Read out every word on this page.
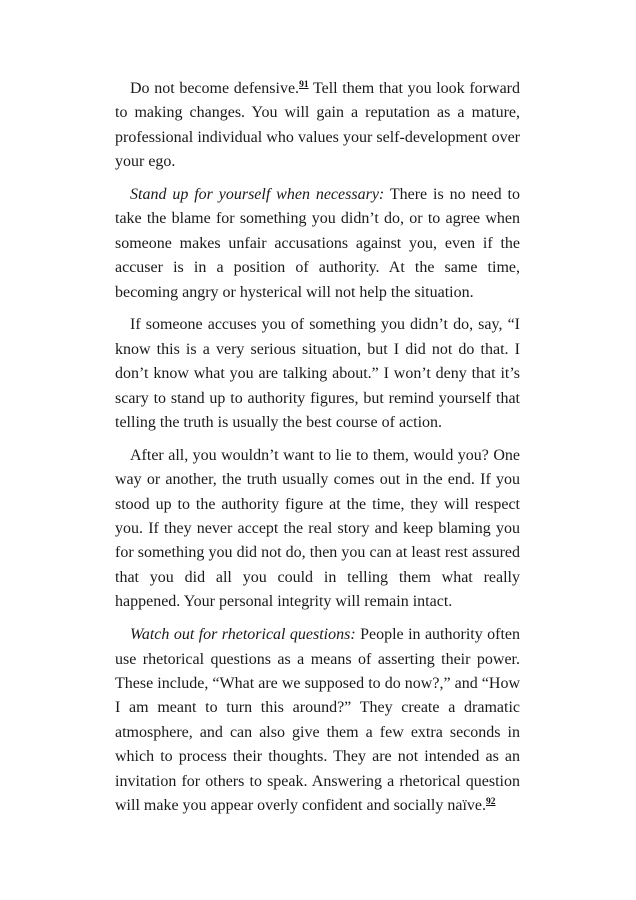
Do not become defensive.$^{91}$ Tell them that you look forward to making changes. You will gain a reputation as a mature, professional individual who values your self-development over your ego.

Stand up for yourself when necessary: There is no need to take the blame for something you didn’t do, or to agree when someone makes unfair accusations against you, even if the accuser is in a position of authority. At the same time, becoming angry or hysterical will not help the situation.

If someone accuses you of something you didn’t do, say, “I know this is a very serious situation, but I did not do that. I don’t know what you are talking about.” I won’t deny that it’s scary to stand up to authority figures, but remind yourself that telling the truth is usually the best course of action.

After all, you wouldn’t want to lie to them, would you? One way or another, the truth usually comes out in the end. If you stood up to the authority figure at the time, they will respect you. If they never accept the real story and keep blaming you for something you did not do, then you can at least rest assured that you did all you could in telling them what really happened. Your personal integrity will remain intact.

Watch out for rhetorical questions: People in authority often use rhetorical questions as a means of asserting their power. These include, “What are we supposed to do now?,” and “How I am meant to turn this around?” They create a dramatic atmosphere, and can also give them a few extra seconds in which to process their thoughts. They are not intended as an invitation for others to speak. Answering a rhetorical question will make you appear overly confident and socially naïve.$^{92}$
